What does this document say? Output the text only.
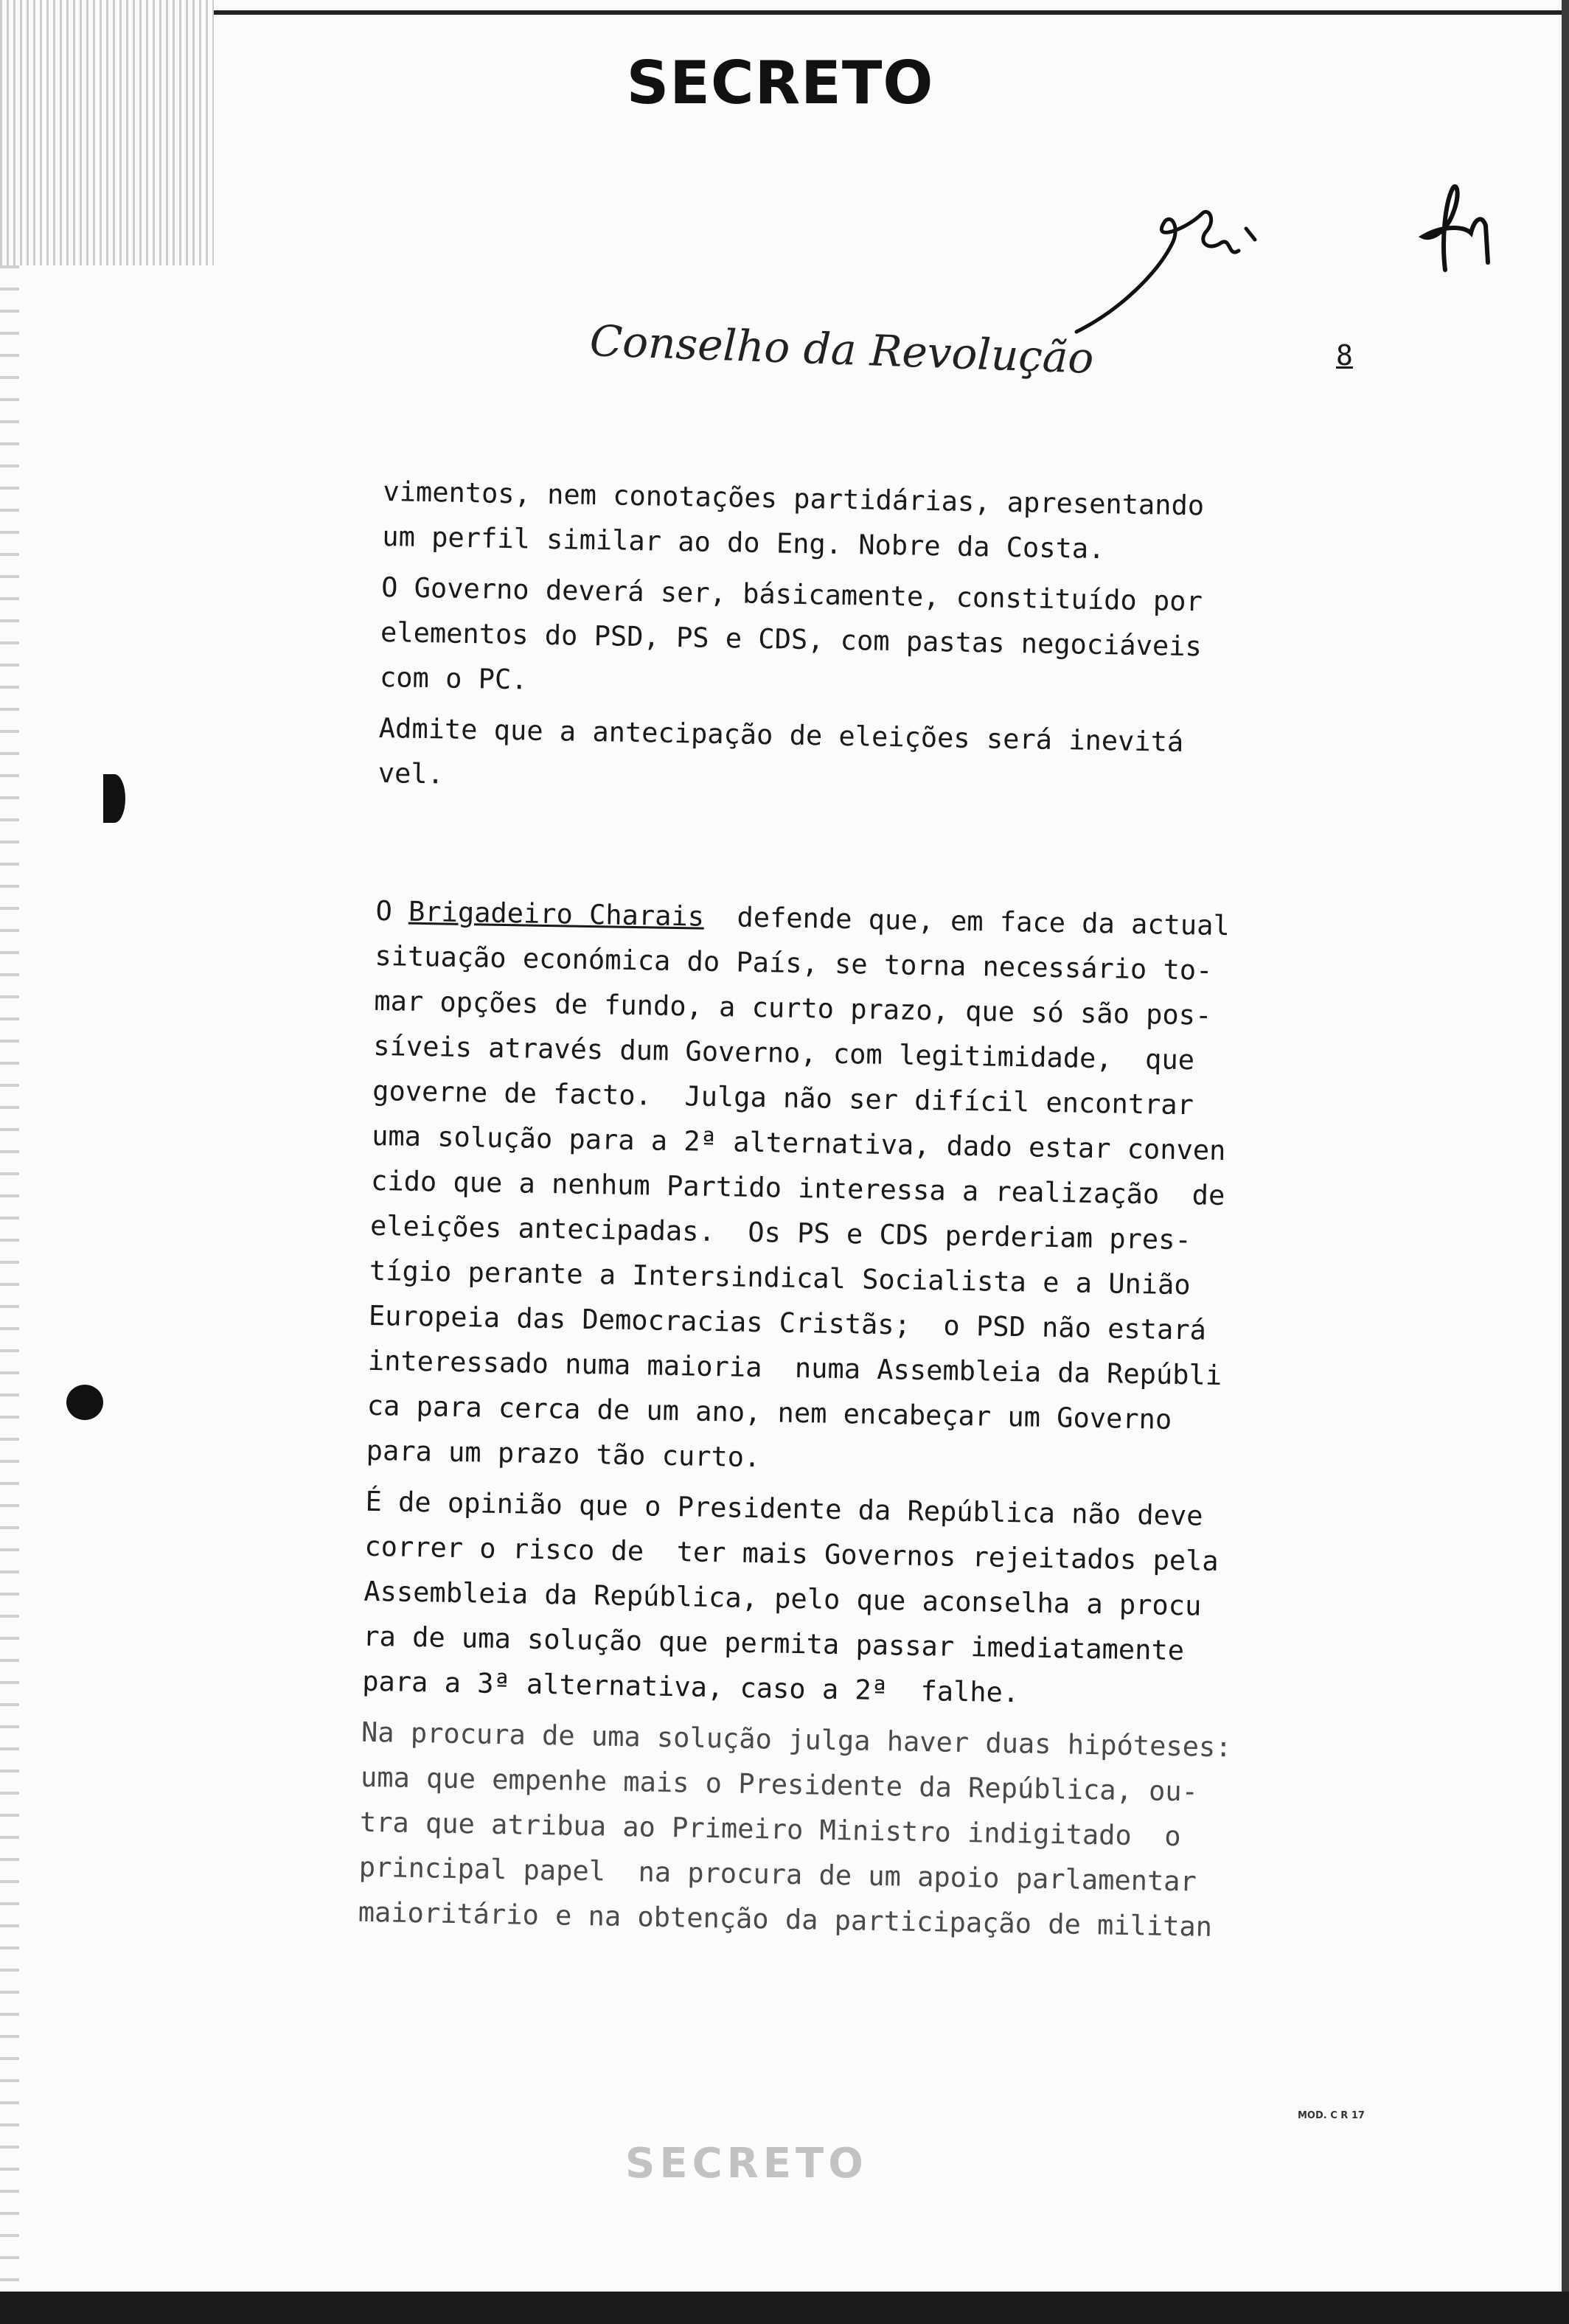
SECRETO
Conselho da Revolução	8

vimentos, nem conotações partidárias, apresentando
um perfil similar ao do Eng. Nobre da Costa.

O Governo deverá ser, básicamente, constituído por
elementos do PSD, PS e CDS, com pastas negociáveis
com o PC.

Admite que a antecipação de eleições será inevitá
vel.

O Brigadeiro Charais  defende que, em face da actual
situação económica do País, se torna necessário to-
mar opções de fundo, a curto prazo, que só são pos-
síveis através dum Governo, com legitimidade,  que
governe de facto.  Julga não ser difícil encontrar
uma solução para a 2ª alternativa, dado estar conven
cido que a nenhum Partido interessa a realização  de
eleições antecipadas.  Os PS e CDS perderiam pres-
tígio perante a Intersindical Socialista e a União
Europeia das Democracias Cristãs;  o PSD não estará
interessado numa maioria  numa Assembleia da Repúbli
ca para cerca de um ano, nem encabeçar um Governo
para um prazo tão curto.

É de opinião que o Presidente da República não deve
correr o risco de  ter mais Governos rejeitados pela
Assembleia da República, pelo que aconselha a procu
ra de uma solução que permita passar imediatamente
para a 3ª alternativa, caso a 2ª  falhe.

Na procura de uma solução julga haver duas hipóteses:
uma que empenhe mais o Presidente da República, ou-
tra que atribua ao Primeiro Ministro indigitado  o
principal papel  na procura de um apoio parlamentar
maioritário e na obtenção da participação de militan

MOD. C R 17
SECRETO
